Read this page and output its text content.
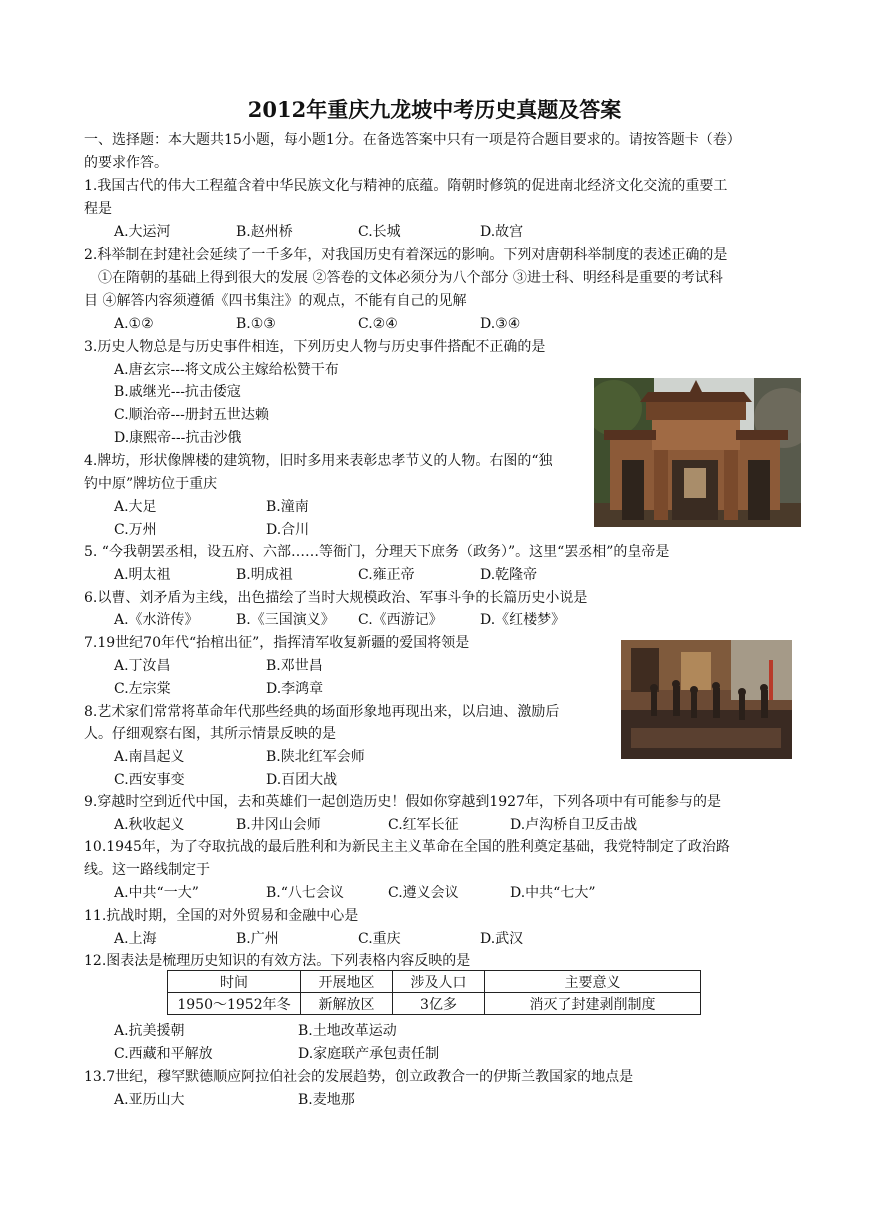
2012年重庆九龙坡中考历史真题及答案
一、选择题：本大题共15小题，每小题1分。在备选答案中只有一项是符合题目要求的。请按答题卡（卷）
的要求作答。
1.我国古代的伟大工程蕴含着中华民族文化与精神的底蕴。隋朝时修筑的促进南北经济文化交流的重要工
程是
A.大运河	B.赵州桥	C.长城	D.故宫
2.科举制在封建社会延续了一千多年，对我国历史有着深远的影响。下列对唐朝科举制度的表述正确的是
①在隋朝的基础上得到很大的发展 ②答卷的文体必须分为八个部分 ③进士科、明经科是重要的考试科
目 ④解答内容须遵循《四书集注》的观点，不能有自己的见解
A.①②	B.①③	C.②④	D.③④
3.历史人物总是与历史事件相连，下列历史人物与历史事件搭配不正确的是
A.唐玄宗---将文成公主嫁给松赞干布
B.戚继光---抗击倭寇
C.顺治帝---册封五世达赖
D.康熙帝---抗击沙俄
4.牌坊，形状像牌楼的建筑物，旧时多用来表彰忠孝节义的人物。右图的“独
钓中原”牌坊位于重庆
A.大足	B.潼南
C.万州	D.合川
5. “今我朝罢丞相，设五府、六部……等衙门，分理天下庶务（政务）”。这里“罢丞相”的皇帝是
A.明太祖	B.明成祖	C.雍正帝	D.乾隆帝
6.以曹、刘矛盾为主线，出色描绘了当时大规模政治、军事斗争的长篇历史小说是
A.《水浒传》	B.《三国演义》 C.《西游记》	D.《红楼梦》
7.19世纪70年代“抬棺出征”，指挥清军收复新疆的爱国将领是
A.丁汝昌	B.邓世昌
C.左宗棠	D.李鸿章
8.艺术家们常常将革命年代那些经典的场面形象地再现出来，以启迪、激励后
人。仔细观察右图，其所示情景反映的是
A.南昌起义	B.陕北红军会师
C.西安事变	D.百团大战
9.穿越时空到近代中国，去和英雄们一起创造历史！假如你穿越到1927年，下列各项中有可能参与的是
A.秋收起义	B.井冈山会师	C.红军长征	D.卢沟桥自卫反击战
10.1945年，为了夺取抗战的最后胜利和为新民主主义革命在全国的胜利奠定基础，我党特制定了政治路
线。这一路线制定于
A.中共“一大”	B.“八七会议	C.遵义会议	D.中共“七大”
11.抗战时期，全国的对外贸易和金融中心是
A.上海	B.广州	C.重庆	D.武汉
12.图表法是梳理历史知识的有效方法。下列表格内容反映的是
时间	开展地区	涉及人口	主要意义
1950～1952年冬	新解放区	3亿多	消灭了封建剥削制度
A.抗美援朝	B.土地改革运动
C.西藏和平解放	D.家庭联产承包责任制
13.7世纪，穆罕默德顺应阿拉伯社会的发展趋势，创立政教合一的伊斯兰教国家的地点是
A.亚历山大	B.麦地那
